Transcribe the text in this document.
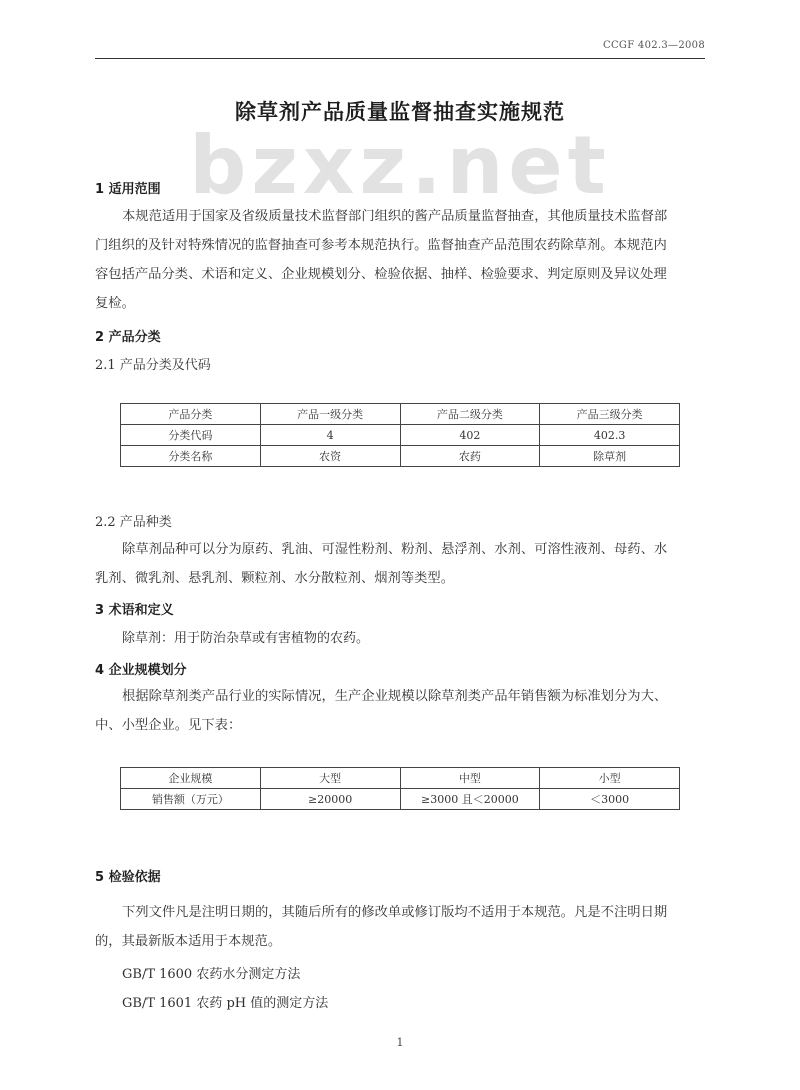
CCGF 402.3—2008
bzxz.net
除草剂产品质量监督抽查实施规范
1 适用范围
本规范适用于国家及省级质量技术监督部门组织的酱产品质量监督抽查，其他质量技术监督部
门组织的及针对特殊情况的监督抽查可参考本规范执行。监督抽查产品范围农药除草剂。本规范内
容包括产品分类、术语和定义、企业规模划分、检验依据、抽样、检验要求、判定原则及异议处理
复检。
2 产品分类
2.1 产品分类及代码
产品分类	产品一级分类	产品二级分类	产品三级分类
分类代码	4	402	402.3
分类名称	农资	农药	除草剂
2.2 产品种类
除草剂品种可以分为原药、乳油、可湿性粉剂、粉剂、悬浮剂、水剂、可溶性液剂、母药、水
乳剂、微乳剂、悬乳剂、颗粒剂、水分散粒剂、烟剂等类型。
3 术语和定义
除草剂：用于防治杂草或有害植物的农药。
4 企业规模划分
根据除草剂类产品行业的实际情况，生产企业规模以除草剂类产品年销售额为标准划分为大、
中、小型企业。见下表：
企业规模	大型	中型	小型
销售额（万元）	≥20000	≥3000 且＜20000	＜3000
5 检验依据
下列文件凡是注明日期的，其随后所有的修改单或修订版均不适用于本规范。凡是不注明日期
的，其最新版本适用于本规范。
GB/T 1600 农药水分测定方法
GB/T 1601 农药 pH 值的测定方法
1
